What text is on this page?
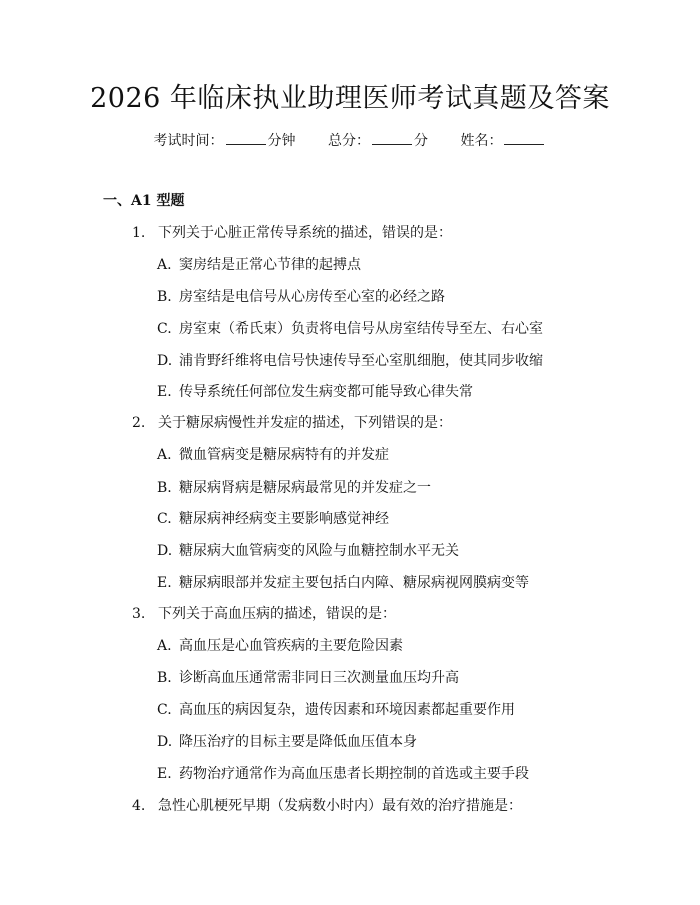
2026 年临床执业助理医师考试真题及答案
考试时间：	分钟 总分：	分 姓名：
一、A1 型题
1. 下列关于心脏正常传导系统的描述，错误的是：
A. 窦房结是正常心节律的起搏点
B. 房室结是电信号从心房传至心室的必经之路
C. 房室束（希氏束）负责将电信号从房室结传导至左、右心室
D. 浦肯野纤维将电信号快速传导至心室肌细胞，使其同步收缩
E. 传导系统任何部位发生病变都可能导致心律失常
2. 关于糖尿病慢性并发症的描述，下列错误的是：
A. 微血管病变是糖尿病特有的并发症
B. 糖尿病肾病是糖尿病最常见的并发症之一
C. 糖尿病神经病变主要影响感觉神经
D. 糖尿病大血管病变的风险与血糖控制水平无关
E. 糖尿病眼部并发症主要包括白内障、糖尿病视网膜病变等
3. 下列关于高血压病的描述，错误的是：
A. 高血压是心血管疾病的主要危险因素
B. 诊断高血压通常需非同日三次测量血压均升高
C. 高血压的病因复杂，遗传因素和环境因素都起重要作用
D. 降压治疗的目标主要是降低血压值本身
E. 药物治疗通常作为高血压患者长期控制的首选或主要手段
4. 急性心肌梗死早期（发病数小时内）最有效的治疗措施是：
